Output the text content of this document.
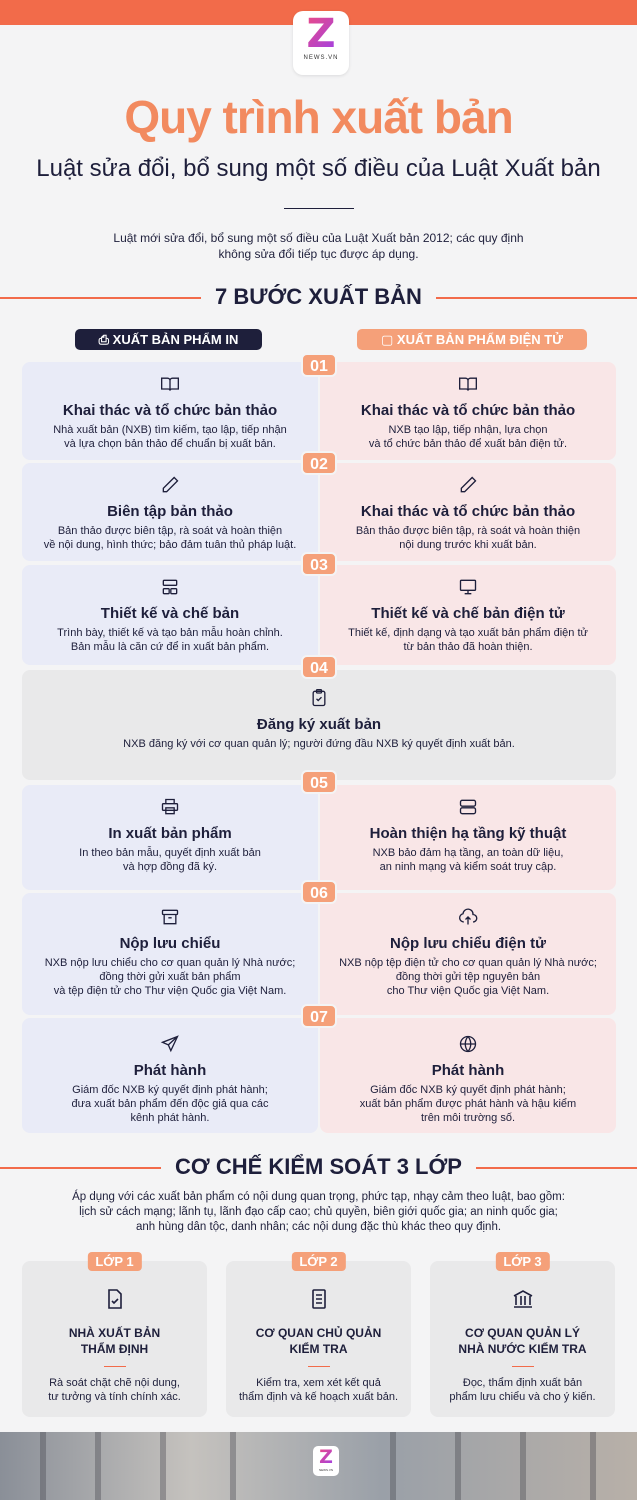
Z
NEWS.VN
Quy trình xuất bản
Luật sửa đổi, bổ sung một số điều của Luật Xuất bản

Luật mới sửa đổi, bổ sung một số điều của Luật Xuất bản 2012; các quy định không sửa đổi tiếp tục được áp dụng.

7 BƯỚC XUẤT BẢN
⎙ XUẤT BẢN PHẨM IN	▢ XUẤT BẢN PHẨM ĐIỆN TỬ
Khai thác và tổ chức bản thảo
Nhà xuất bản (NXB) tìm kiếm, tạo lập, tiếp nhận
và lựa chọn bản thảo để chuẩn bị xuất bản.
Khai thác và tổ chức bản thảo
NXB tạo lập, tiếp nhận, lựa chọn
và tổ chức bản thảo để xuất bản điện tử.
Biên tập bản thảo
Bản thảo được biên tập, rà soát và hoàn thiện
về nội dung, hình thức; bảo đảm tuân thủ pháp luật.
Khai thác và tổ chức bản thảo
Bản thảo được biên tập, rà soát và hoàn thiện
nội dung trước khi xuất bản.
Thiết kế và chế bản
Trình bày, thiết kế và tạo bản mẫu hoàn chỉnh.
Bản mẫu là căn cứ để in xuất bản phẩm.
Thiết kế và chế bản điện tử
Thiết kế, định dạng và tạo xuất bản phẩm điện tử
từ bản thảo đã hoàn thiện.
Đăng ký xuất bản
NXB đăng ký với cơ quan quản lý; người đứng đầu NXB ký quyết định xuất bản.
In xuất bản phẩm
In theo bản mẫu, quyết định xuất bản
và hợp đồng đã ký.
Hoàn thiện hạ tầng kỹ thuật
NXB bảo đảm hạ tầng, an toàn dữ liệu,
an ninh mạng và kiểm soát truy cập.
Nộp lưu chiểu
NXB nộp lưu chiểu cho cơ quan quản lý Nhà nước;
đồng thời gửi xuất bản phẩm
và tệp điện tử cho Thư viện Quốc gia Việt Nam.
Nộp lưu chiểu điện tử
NXB nộp tệp điện tử cho cơ quan quản lý Nhà nước;
đồng thời gửi tệp nguyên bản
cho Thư viện Quốc gia Việt Nam.
Phát hành
Giám đốc NXB ký quyết định phát hành;
đưa xuất bản phẩm đến độc giả qua các
kênh phát hành.
Phát hành
Giám đốc NXB ký quyết định phát hành;
xuất bản phẩm được phát hành và hậu kiểm
trên môi trường số.
01
02
03
04
05
06
07
CƠ CHẾ KIỂM SOÁT 3 LỚP

Áp dụng với các xuất bản phẩm có nội dung quan trọng, phức tạp, nhạy cảm theo luật, bao gồm:
lịch sử cách mạng; lãnh tụ, lãnh đạo cấp cao; chủ quyền, biên giới quốc gia; an ninh quốc gia;
anh hùng dân tộc, danh nhân; các nội dung đặc thù khác theo quy định.

LỚP 1
NHÀ XUẤT BẢN
THẨM ĐỊNH
Rà soát chặt chẽ nội dung,
tư tưởng và tính chính xác.
LỚP 2
CƠ QUAN CHỦ QUẢN
KIỂM TRA
Kiểm tra, xem xét kết quả
thẩm định và kế hoạch xuất bản.
LỚP 3
CƠ QUAN QUẢN LÝ
NHÀ NƯỚC KIỂM TRA
Đọc, thẩm định xuất bản
phẩm lưu chiểu và cho ý kiến.
Z
NEWS.VN
